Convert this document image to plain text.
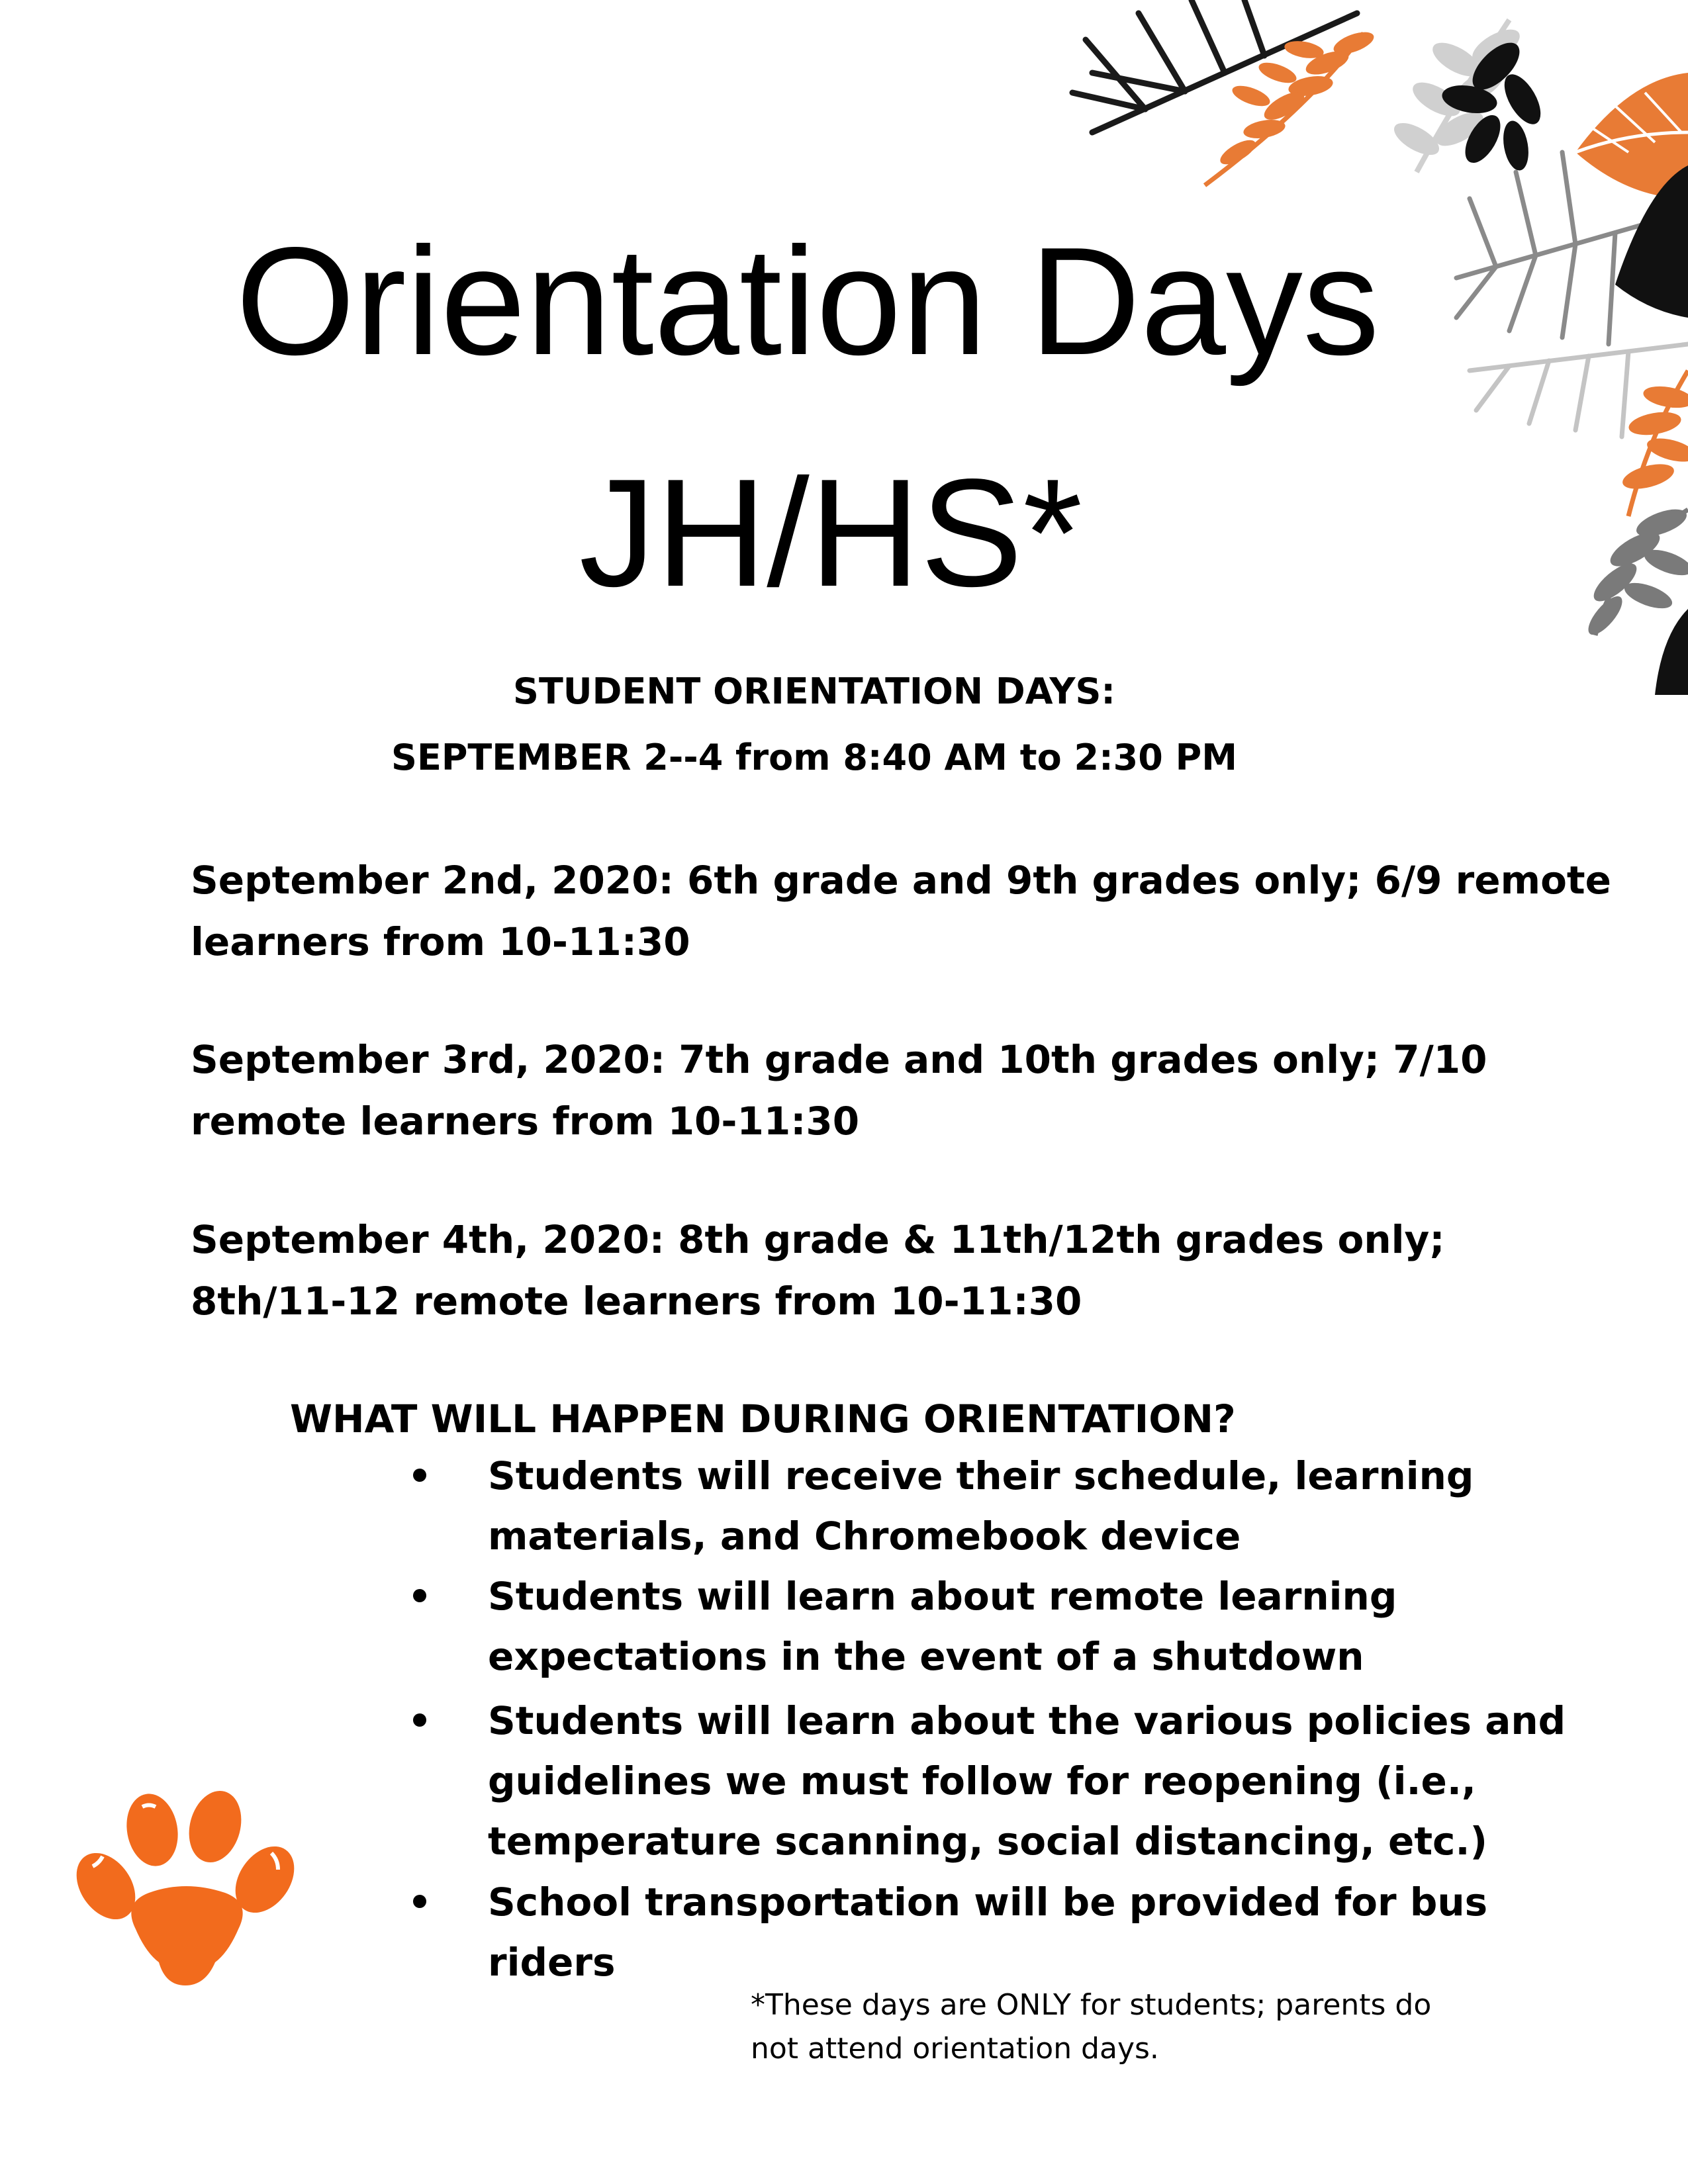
Orientation Days
JH/HS*

STUDENT ORIENTATION DAYS:

SEPTEMBER 2--4 from 8:40 AM to 2:30 PM

September 2nd, 2020: 6th grade and 9th grades only; 6/9 remote
learners from 10-11:30

September 3rd, 2020: 7th grade and 10th grades only; 7/10
remote learners from 10-11:30

September 4th, 2020: 8th grade & 11th/12th grades only;
8th/11-12 remote learners from 10-11:30

WHAT WILL HAPPEN DURING ORIENTATION?
Students will receive their schedule, learning
materials, and Chromebook device
Students will learn about remote learning
expectations in the event of a shutdown
Students will learn about the various policies and
guidelines we must follow for reopening (i.e.,
temperature scanning, social distancing, etc.)
School transportation will be provided for bus
riders

*These days are ONLY for students; parents do
not attend orientation days.
